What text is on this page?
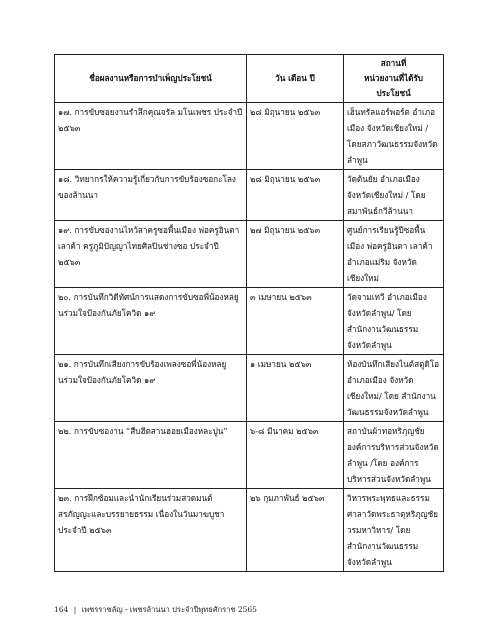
ชื่อผลงานหรือการบำเพ็ญประโยชน์	วัน เดือน ปี	สถานที่
หน่วยงานที่ได้รับประโยชน์
๑๗. การขับซอยงานรำลึกคุณจรัล มโนเพชร ประจำปี ๒๕๖๓	๒๘ มิถุนายน ๒๕๖๓	เฮ็นทรัลแอร์พอร์ต อำเภอเมือง จังหวัดเชียงใหม่ / โดยสภาวัฒนธรรมจังหวัดลำพูน
๑๘. วิทยากรให้ความรู้เกี่ยวกับการขับร้องซอกะโลงของล้านนา	๒๘ มิถุนายน ๒๕๖๓	วัดต้นยัย อำเภอเมือง จังหวัดเชียงใหม่ / โดย สมาพันธ์กวีล้านนา
๑๙. การขับซองานไหว้สาครูซอพื้นเมือง พ่อครูอินตา เลาค้า ครูภูมิปัญญาไทยศิลปินช่างซอ ประจำปี ๒๕๖๓	๒๗ มิถุนายน ๒๕๖๓	ศูนย์การเรียนรู้ปีซอพื้นเมือง พ่อครูอินตา เลาค้า อำเภอแม่ริม จังหวัดเชียงใหม่
๒๐. การบันทึกวิดีทัศน์การแสดงการขับซอพี่น้องหลยูนร่วมใจป้องกันภัยโควิด ๑๙	๓ เมษายน ๒๕๖๓	วัดจามเทวี อำเภอเมือง จังหวัดลำพูน/ โดย สำนักงานวัฒนธรรมจังหวัดลำพูน
๒๑. การบันทึกเสียงการขับร้องเพลงซอพี่น้องหลยูนร่วมใจป้องกันภัยโควิด ๑๙	๑ เมษายน ๒๕๖๓	ห้องบันทึกเสียงไนต์สตูดิโอ อำเภอเมือง จังหวัดเชียงใหม่/ โดย สำนักงานวัฒนธรรมจังหวัดลำพูน
๒๒. การขับซองาน “สืบฮีตสานฮอยเมืองหละปูน”	๖-๘ มีนาคม ๒๕๖๓	สถาบันผ้าทอหริภุญชัย องค์การบริหารส่วนจังหวัดลำพูน /โดย องค์การบริหารส่วนจังหวัดลำพูน
๒๓. การฝึกซ้อมและนำนักเรียนร่วมสวดมนต์สรภัญญะและบรรยายธรรม เนื่องในวันมาฆบูชา ประจำปี ๒๕๖๓	๒๖ กุมภาพันธ์ ๒๕๖๓	วิหารพระพุทธและธรรมศาลาวัดพระธาตุหริภุญชัยวรมหาวิหาร/ โดย สำนักงานวัฒนธรรมจังหวัดลำพูน
164 | เพชรราชลัญ - เพชรล้านนา ประจำปีพุทธศักราช 2565
